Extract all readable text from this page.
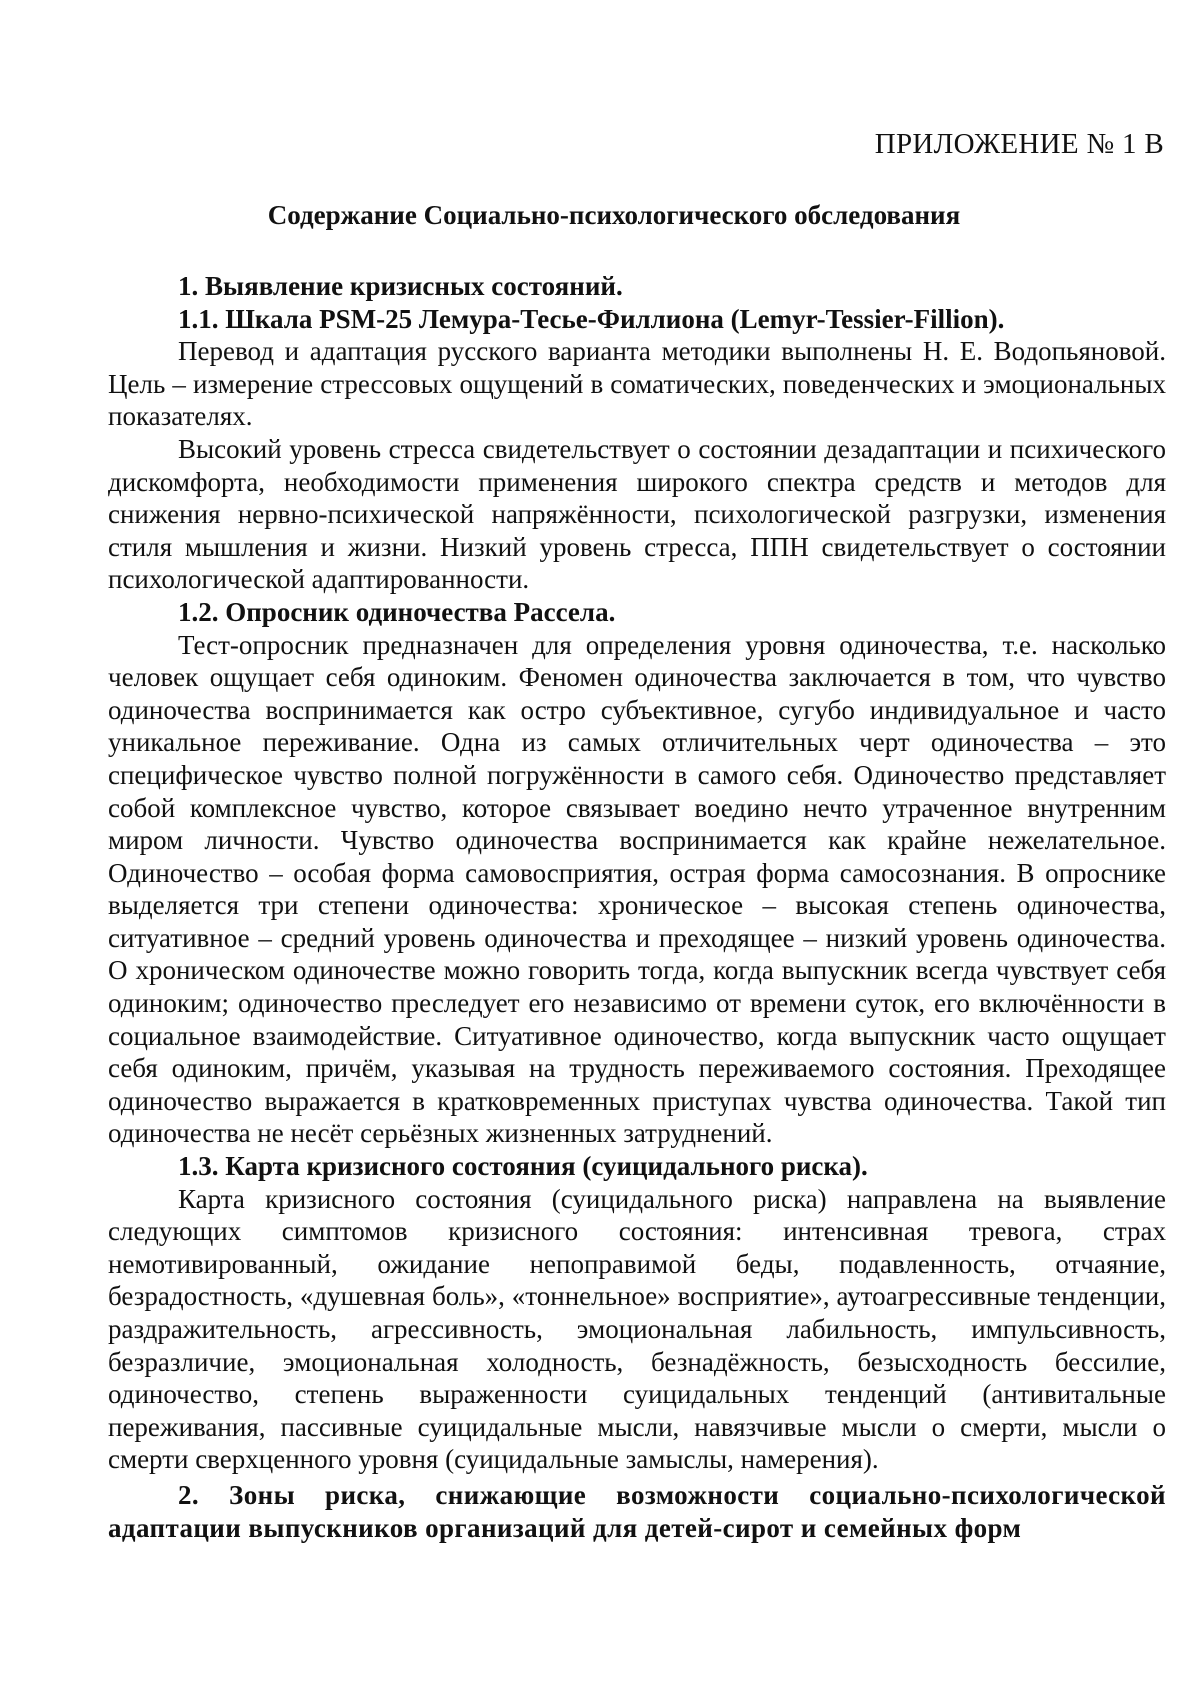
ПРИЛОЖЕНИЕ № 1 В
Содержание Социально-психологического обследования

1. Выявление кризисных состояний.

1.1. Шкала PSM-25 Лемура-Тесье-Филлиона (Lemyr-Tessier-Fillion).

Перевод и адаптация русского варианта методики выполнены Н. Е. Водопьяновой. Цель – измерение стрессовых ощущений в соматических, поведенческих и эмоциональных показателях.

Высокий уровень стресса свидетельствует о состоянии дезадаптации и психического дискомфорта, необходимости применения широкого спектра средств и методов для снижения нервно-психической напряжённости, психологической разгрузки, изменения стиля мышления и жизни. Низкий уровень стресса, ППН свидетельствует о состоянии психологической адаптированности.

1.2. Опросник одиночества Рассела.

Тест-опросник предназначен для определения уровня одиночества, т.е. насколько человек ощущает себя одиноким. Феномен одиночества заключается в том, что чувство одиночества воспринимается как остро субъективное, сугубо индивидуальное и часто уникальное переживание. Одна из самых отличительных черт одиночества – это специфическое чувство полной погружённости в самого себя. Одиночество представляет собой комплексное чувство, которое связывает воедино нечто утраченное внутренним миром личности. Чувство одиночества воспринимается как крайне нежелательное. Одиночество – особая форма самовосприятия, острая форма самосознания. В опроснике выделяется три степени одиночества: хроническое – высокая степень одиночества, ситуативное – средний уровень одиночества и преходящее – низкий уровень одиночества. О хроническом одиночестве можно говорить тогда, когда выпускник всегда чувствует себя одиноким; одиночество преследует его независимо от времени суток, его включённости в социальное взаимодействие. Ситуативное одиночество, когда выпускник часто ощущает себя одиноким, причём, указывая на трудность переживаемого состояния. Преходящее одиночество выражается в кратковременных приступах чувства одиночества. Такой тип одиночества не несёт серьёзных жизненных затруднений.

1.3. Карта кризисного состояния (суицидального риска).

Карта кризисного состояния (суицидального риска) направлена на выявление следующих симптомов кризисного состояния: интенсивная тревога, страх немотивированный, ожидание непоправимой беды, подавленность, отчаяние, безрадостность, «душевная боль», «тоннельное» восприятие», аутоагрессивные тенденции, раздражительность, агрессивность, эмоциональная лабильность, импульсивность, безразличие, эмоциональная холодность, безнадёжность, безысходность бессилие, одиночество, степень выраженности суицидальных тенденций (антивитальные переживания, пассивные суицидальные мысли, навязчивые мысли о смерти, мысли о смерти сверхценного уровня (суицидальные замыслы, намерения).

2. Зоны риска, снижающие возможности социально-психологической адаптации выпускников организаций для детей-сирот и семейных форм
